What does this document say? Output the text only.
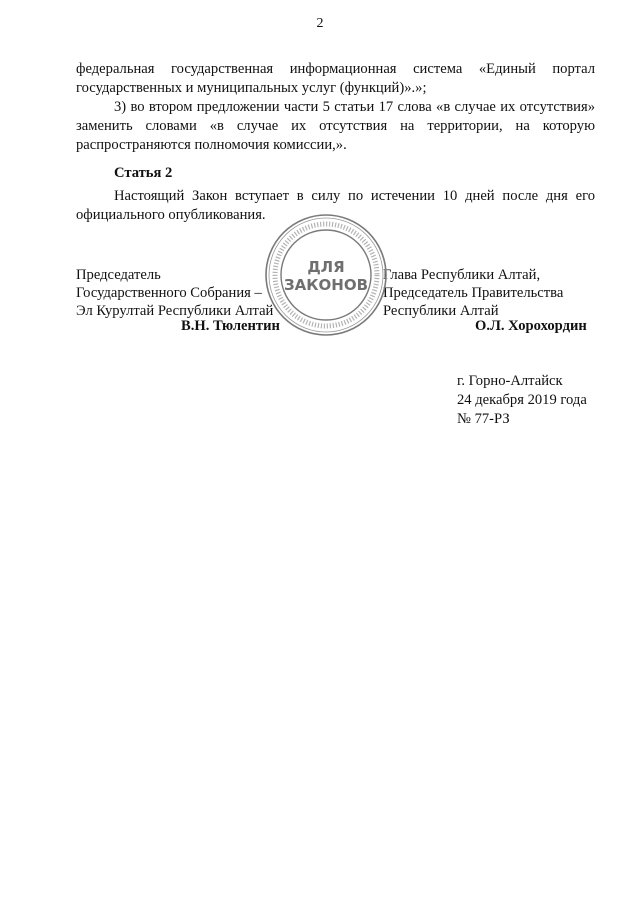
2

федеральная государственная информационная система «Единый портал государственных и муниципальных услуг (функций)».»;

3) во втором предложении части 5 статьи 17 слова «в случае их отсутствия» заменить словами «в случае их отсутствия на территории, на которую распространяются полномочия комиссии,».

Статья 2

Настоящий Закон вступает в силу по истечении 10 дней после дня его официального опубликования.

Председатель
Государственного Собрания –
Эл Курултай Республики Алтай
В.Н. Тюлентин
Глава Республики Алтай,
Председатель Правительства
Республики Алтай
О.Л. Хорохордин
ДЛЯ
ЗАКОНОВ
г. Горно-Алтайск
24 декабря 2019 года
№ 77-РЗ
